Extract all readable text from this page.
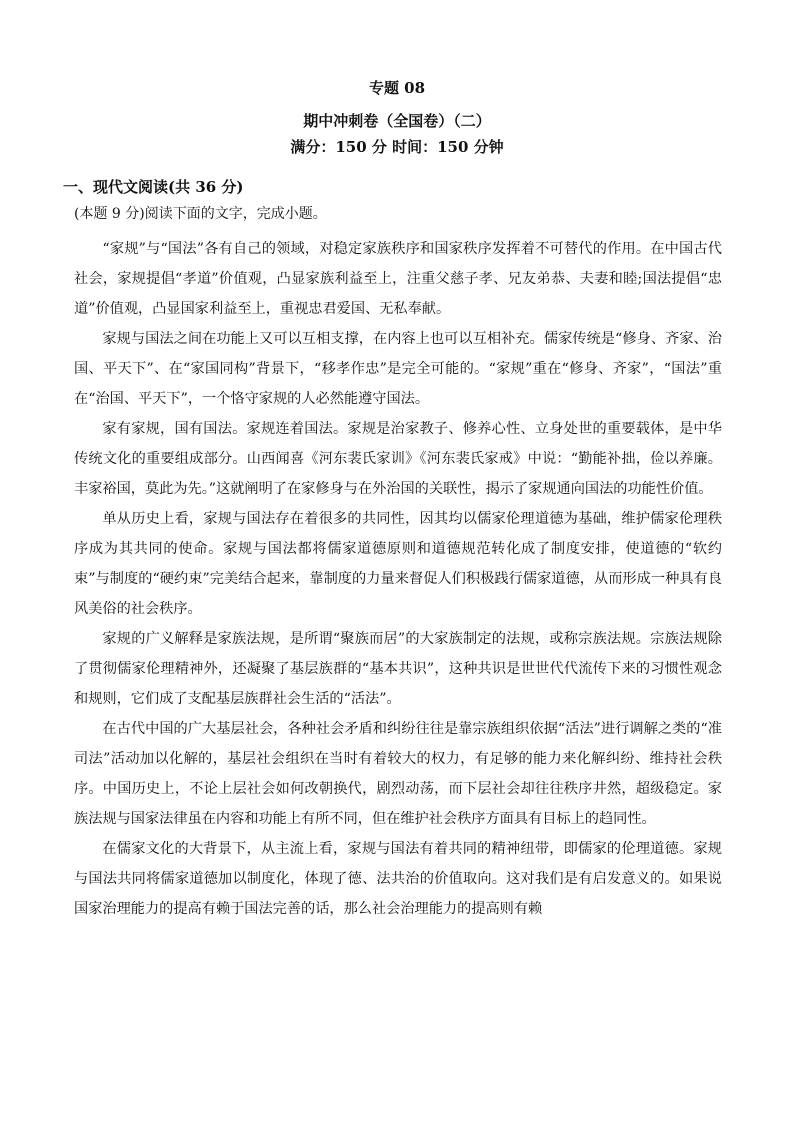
专题 08
期中冲刺卷（全国卷）（二）
满分：150 分 时间：150 分钟
一、现代文阅读(共 36 分)
(本题 9 分)阅读下面的文字，完成小题。

“家规”与“国法”各有自己的领域，对稳定家族秩序和国家秩序发挥着不可替代的作用。在中国古代社会，家规提倡“孝道”价值观，凸显家族利益至上，注重父慈子孝、兄友弟恭、夫妻和睦;国法提倡“忠道”价值观，凸显国家利益至上，重视忠君爱国、无私奉献。

家规与国法之间在功能上又可以互相支撑，在内容上也可以互相补充。儒家传统是“修身、齐家、治国、平天下”、在“家国同构”背景下，“移孝作忠”是完全可能的。“家规”重在“修身、齐家”，“国法”重在“治国、平天下”，一个恪守家规的人必然能遵守国法。

家有家规，国有国法。家规连着国法。家规是治家教子、修养心性、立身处世的重要载体，是中华传统文化的重要组成部分。山西闻喜《河东裴氏家训》《河东裴氏家戒》中说：“勤能补拙，俭以养廉。丰家裕国，莫此为先。”这就阐明了在家修身与在外治国的关联性，揭示了家规通向国法的功能性价值。

单从历史上看，家规与国法存在着很多的共同性，因其均以儒家伦理道德为基础，维护儒家伦理秩序成为其共同的使命。家规与国法都将儒家道德原则和道德规范转化成了制度安排，使道德的“软约束”与制度的“硬约束”完美结合起来，靠制度的力量来督促人们积极践行儒家道德，从而形成一种具有良风美俗的社会秩序。

家规的广义解释是家族法规，是所谓“聚族而居”的大家族制定的法规，或称宗族法规。宗族法规除了贯彻儒家伦理精神外，还凝聚了基层族群的“基本共识”，这种共识是世世代代流传下来的习惯性观念和规则，它们成了支配基层族群社会生活的“活法”。

在古代中国的广大基层社会，各种社会矛盾和纠纷往往是靠宗族组织依据“活法”进行调解之类的“准司法”活动加以化解的，基层社会组织在当时有着较大的权力，有足够的能力来化解纠纷、维持社会秩序。中国历史上，不论上层社会如何改朝换代，剧烈动荡，而下层社会却往往秩序井然，超级稳定。家族法规与国家法律虽在内容和功能上有所不同，但在维护社会秩序方面具有目标上的趋同性。

在儒家文化的大背景下，从主流上看，家规与国法有着共同的精神纽带，即儒家的伦理道德。家规与国法共同将儒家道德加以制度化，体现了德、法共治的价值取向。这对我们是有启发意义的。如果说国家治理能力的提高有赖于国法完善的话，那么社会治理能力的提高则有赖
